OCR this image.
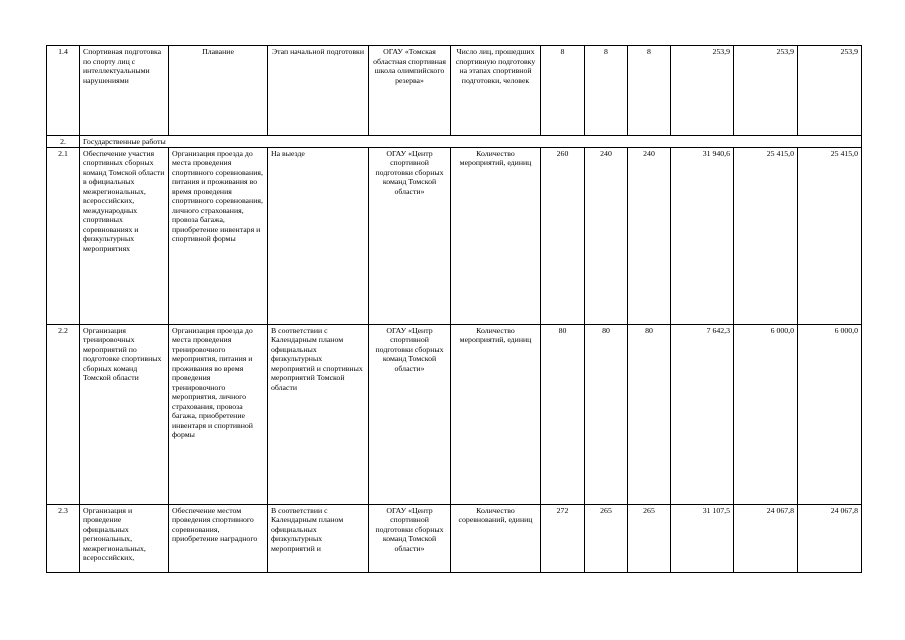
1.4	Спортивная подготовка по спорту лиц с интеллектуальными нарушениями	Плавание	Этап начальной подготовки	ОГАУ «Томская областная спортивная школа олимпийского резерва»	Число лиц, прошедших спортивную подготовку на этапах спортивной подготовки, человек	8	8	8	253,9	253,9	253,9
2.	Государственные работы										
2.1	Обеспечение участия спортивных сборных команд Томской области в официальных межрегиональных, всероссийских, международных спортивных соревнованиях и физкультурных мероприятиях	Организация проезда до места проведения спортивного соревнования, питания и проживания во время проведения спортивного соревнования, личного страхования, провоза багажа, приобретение инвентаря и спортивной формы	На выезде	ОГАУ «Центр спортивной подготовки сборных команд Томской области»	Количество мероприятий, единиц	260	240	240	31 940,6	25 415,0	25 415,0
2.2	Организация тренировочных мероприятий по подготовке спортивных сборных команд Томской области	Организация проезда до места проведения тренировочного мероприятия, питания и проживания во время проведения тренировочного мероприятия, личного страхования, провоза багажа, приобретение инвентаря и спортивной формы	В соответствии с Календарным планом официальных физкультурных мероприятий и спортивных мероприятий Томской области	ОГАУ «Центр спортивной подготовки сборных команд Томской области»	Количество мероприятий, единиц	80	80	80	7 642,3	6 000,0	6 000,0

2.3	Организация и проведение официальных региональных, межрегиональных, всероссийских,	Обеспечение местом проведения спортивного соревнования, приобретение наградного	В соответствии с Календарным планом официальных физкультурных мероприятий и	ОГАУ «Центр спортивной подготовки сборных команд Томской области»	Количество соревнований, единиц	272	265	265	31 107,5	24 067,8	24 067,8
